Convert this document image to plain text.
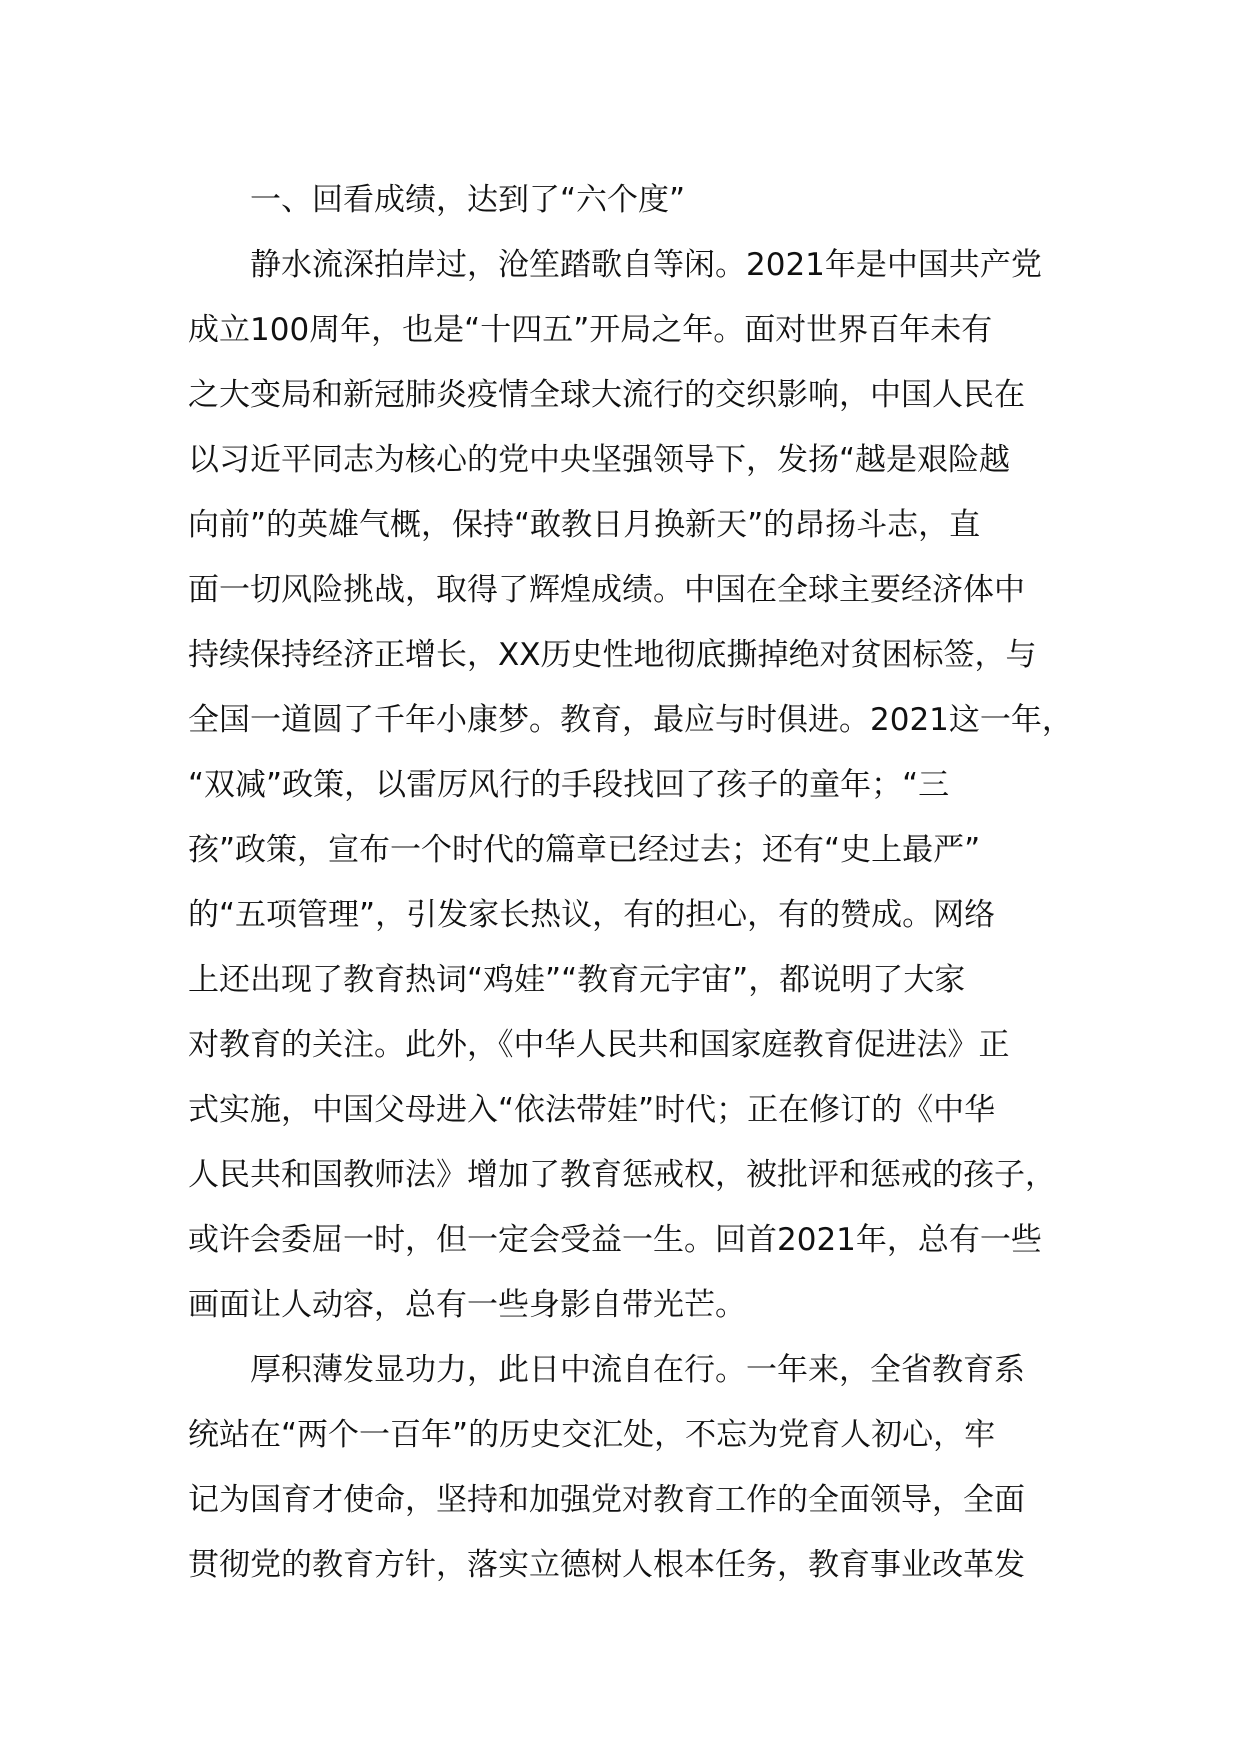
一、回看成绩，达到了“六个度”
静水流深拍岸过，沧笙踏歌自等闲。2021年是中国共产党
成立100周年，也是“十四五”开局之年。面对世界百年未有
之大变局和新冠肺炎疫情全球大流行的交织影响，中国人民在
以习近平同志为核心的党中央坚强领导下，发扬“越是艰险越
向前”的英雄气概，保持“敢教日月换新天”的昂扬斗志，直
面一切风险挑战，取得了辉煌成绩。中国在全球主要经济体中
持续保持经济正增长，XX历史性地彻底撕掉绝对贫困标签，与
全国一道圆了千年小康梦。教育，最应与时俱进。2021这一年，
“双减”政策，以雷厉风行的手段找回了孩子的童年；“三
孩”政策，宣布一个时代的篇章已经过去；还有“史上最严”
的“五项管理”，引发家长热议，有的担心，有的赞成。网络
上还出现了教育热词“鸡娃”“教育元宇宙”，都说明了大家
对教育的关注。此外，《中华人民共和国家庭教育促进法》正
式实施，中国父母进入“依法带娃”时代；正在修订的《中华
人民共和国教师法》增加了教育惩戒权，被批评和惩戒的孩子，
或许会委屈一时，但一定会受益一生。回首2021年，总有一些
画面让人动容，总有一些身影自带光芒。
厚积薄发显功力，此日中流自在行。一年来，全省教育系
统站在“两个一百年”的历史交汇处，不忘为党育人初心，牢
记为国育才使命，坚持和加强党对教育工作的全面领导，全面
贯彻党的教育方针，落实立德树人根本任务，教育事业改革发
